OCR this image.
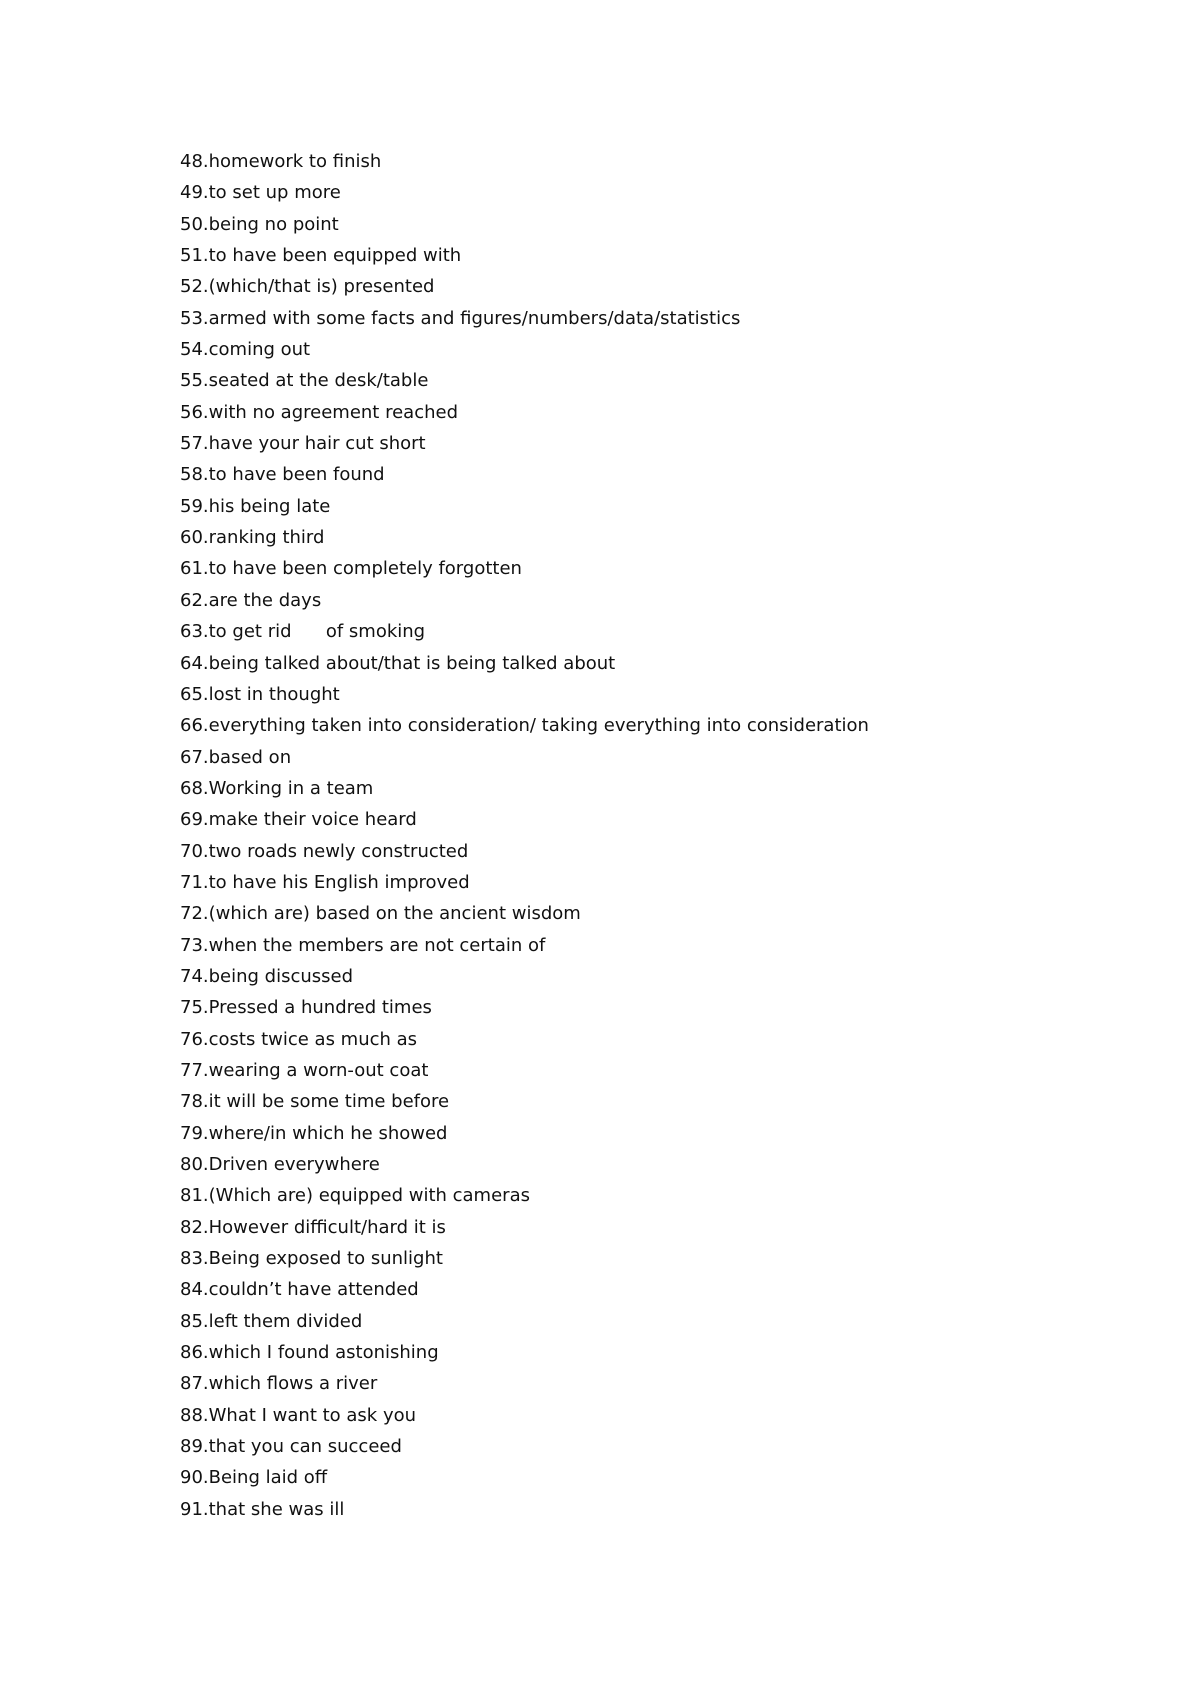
48.homework to finish
49.to set up more
50.being no point
51.to have been equipped with
52.(which/that is) presented
53.armed with some facts and figures/numbers/data/statistics
54.coming out
55.seated at the desk/table
56.with no agreement reached
57.have your hair cut short
58.to have been found
59.his being late
60.ranking third
61.to have been completely forgotten
62.are the days
63.to get rid      of smoking
64.being talked about/that is being talked about
65.lost in thought
66.everything taken into consideration/ taking everything into consideration
67.based on
68.Working in a team
69.make their voice heard
70.two roads newly constructed
71.to have his English improved
72.(which are) based on the ancient wisdom
73.when the members are not certain of
74.being discussed
75.Pressed a hundred times
76.costs twice as much as
77.wearing a worn-out coat
78.it will be some time before
79.where/in which he showed
80.Driven everywhere
81.(Which are) equipped with cameras
82.However difficult/hard it is
83.Being exposed to sunlight
84.couldn’t have attended
85.left them divided
86.which I found astonishing
87.which flows a river
88.What I want to ask you
89.that you can succeed
90.Being laid off
91.that she was ill
